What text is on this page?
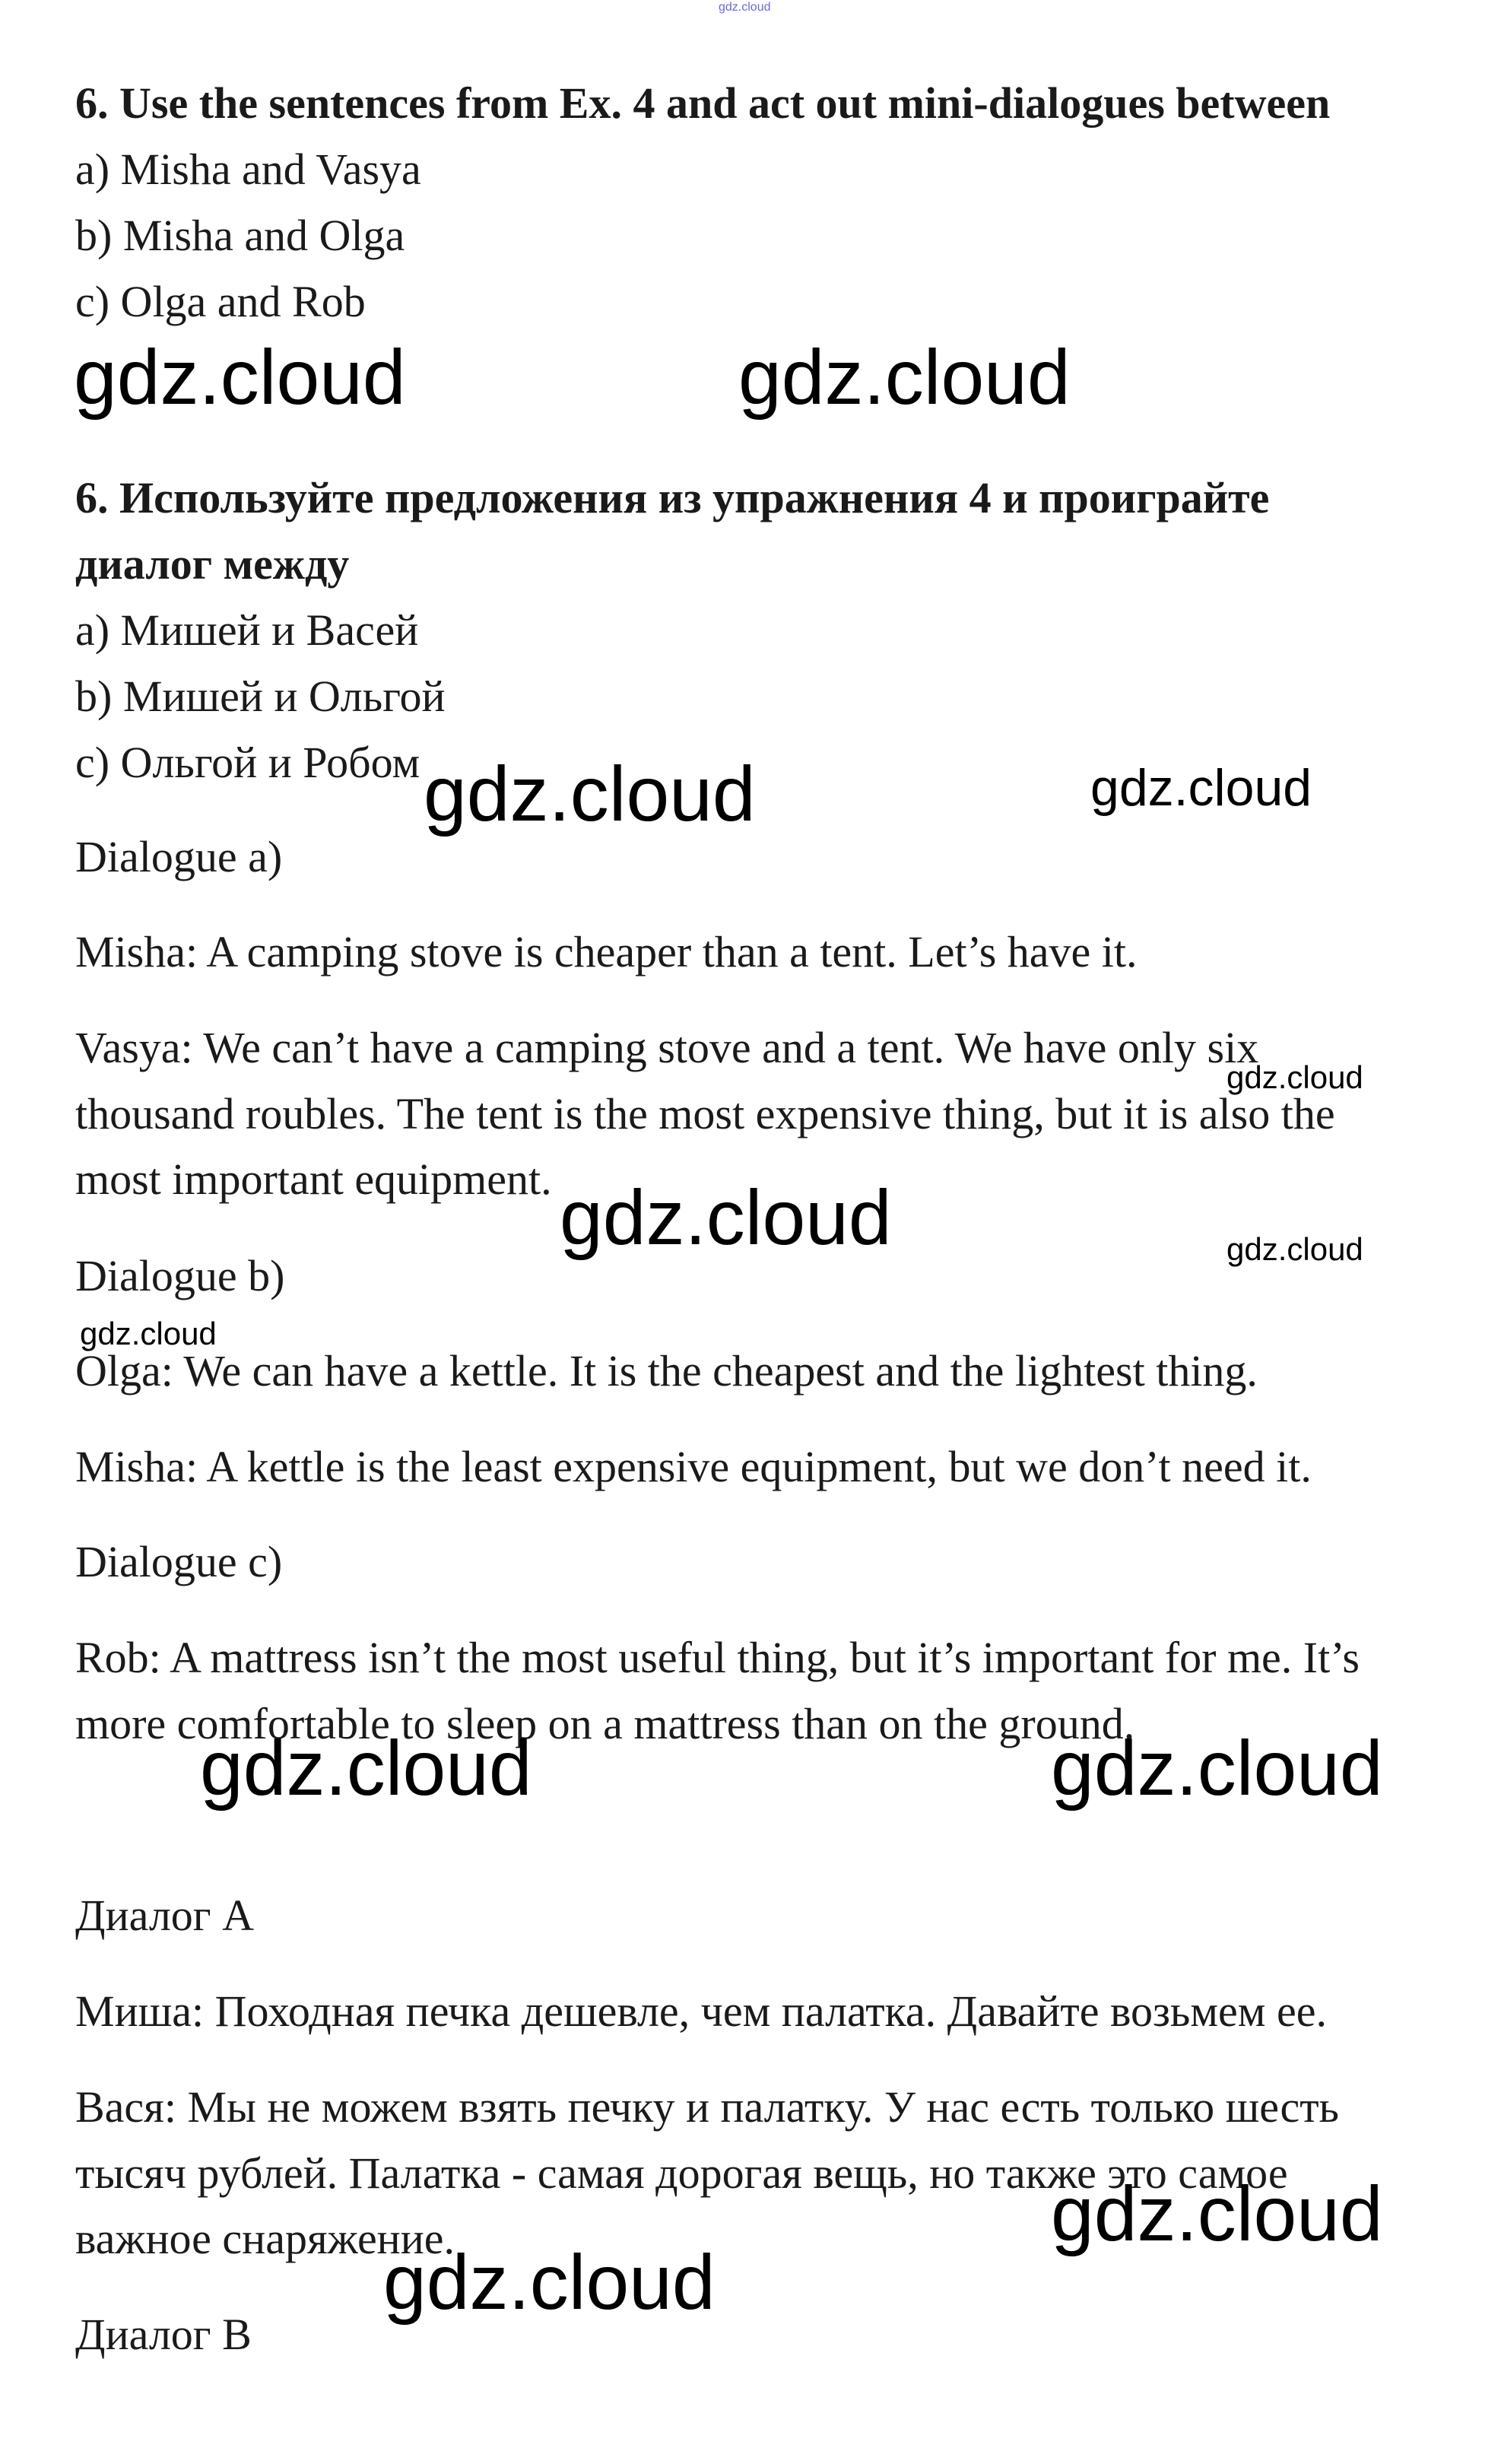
gdz.cloud
6. Use the sentences from Ex. 4 and act out mini-dialogues between
a) Misha and Vasya
b) Misha and Olga
c) Olga and Rob
gdz.cloud	gdz.cloud
6. Используйте предложения из упражнения 4 и проиграйте
диалог между
a) Мишей и Васей
b) Мишей и Ольгой
c) Ольгой и Робом gdz.cloud	gdz.cloud
Dialogue a)
Misha: A camping stove is cheaper than a tent. Let’s have it.
Vasya: We can’t have a camping stove and a tent. We have only six
thousand roubles. The tent is the most expensive thing, but it is also the
most important equipment.
gdz.cloud
gdz.cloud	gdz.cloud
Dialogue b)
gdz.cloud
Olga: We can have a kettle. It is the cheapest and the lightest thing.
Misha: A kettle is the least expensive equipment, but we don’t need it.
Dialogue c)
Rob: A mattress isn’t the most useful thing, but it’s important for me. It’s
more comfortable to sleep on a mattress than on the ground.
gdz.cloud	gdz.cloud
Диалог А
Миша: Походная печка дешевле, чем палатка. Давайте возьмем ее.
Вася: Мы не можем взять печку и палатку. У нас есть только шесть
тысяч рублей. Палатка - самая дорогая вещь, но также это самое
важное снаряжение.	gdz.cloud
gdz.cloud
Диалог В
